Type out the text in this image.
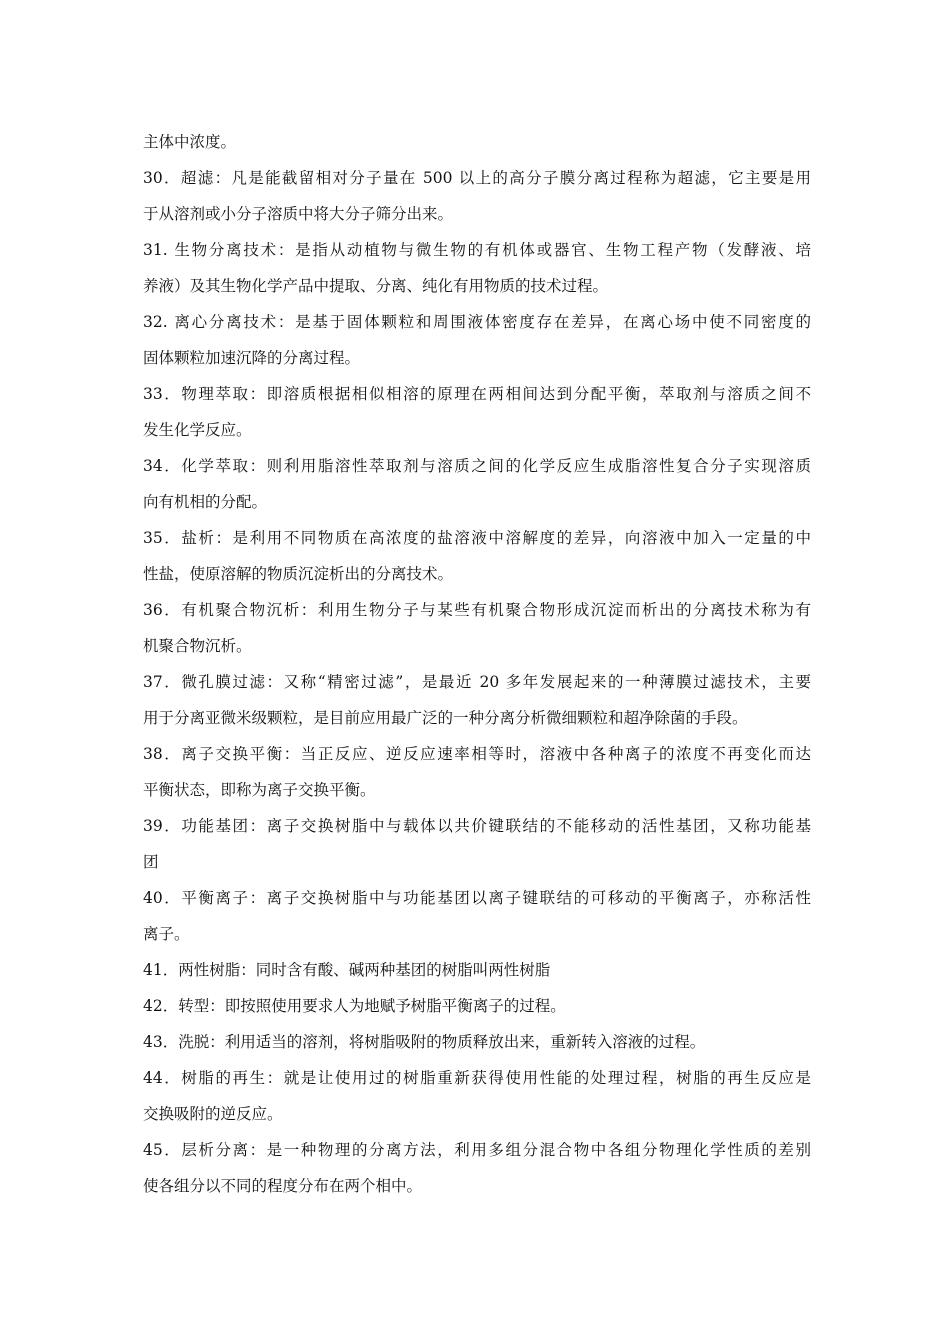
主体中浓度。
30．超滤：凡是能截留相对分子量在 500 以上的高分子膜分离过程称为超滤，它主要是用
于从溶剂或小分子溶质中将大分子筛分出来。
31. 生物分离技术：是指从动植物与微生物的有机体或器官、生物工程产物（发酵液、培
养液）及其生物化学产品中提取、分离、纯化有用物质的技术过程。
32. 离心分离技术：是基于固体颗粒和周围液体密度存在差异，在离心场中使不同密度的
固体颗粒加速沉降的分离过程。
33．物理萃取：即溶质根据相似相溶的原理在两相间达到分配平衡，萃取剂与溶质之间不
发生化学反应。
34．化学萃取：则利用脂溶性萃取剂与溶质之间的化学反应生成脂溶性复合分子实现溶质
向有机相的分配。
35．盐析：是利用不同物质在高浓度的盐溶液中溶解度的差异，向溶液中加入一定量的中
性盐，使原溶解的物质沉淀析出的分离技术。
36．有机聚合物沉析：利用生物分子与某些有机聚合物形成沉淀而析出的分离技术称为有
机聚合物沉析。
37．微孔膜过滤：又称“精密过滤”，是最近 20 多年发展起来的一种薄膜过滤技术，主要
用于分离亚微米级颗粒，是目前应用最广泛的一种分离分析微细颗粒和超净除菌的手段。
38．离子交换平衡：当正反应、逆反应速率相等时，溶液中各种离子的浓度不再变化而达
平衡状态，即称为离子交换平衡。
39．功能基团：离子交换树脂中与载体以共价键联结的不能移动的活性基团，又称功能基
团
40．平衡离子：离子交换树脂中与功能基团以离子键联结的可移动的平衡离子，亦称活性
离子。
41．两性树脂：同时含有酸、碱两种基团的树脂叫两性树脂
42．转型：即按照使用要求人为地赋予树脂平衡离子的过程。
43．洗脱：利用适当的溶剂，将树脂吸附的物质释放出来，重新转入溶液的过程。
44．树脂的再生：就是让使用过的树脂重新获得使用性能的处理过程，树脂的再生反应是
交换吸附的逆反应。
45．层析分离：是一种物理的分离方法，利用多组分混合物中各组分物理化学性质的差别
使各组分以不同的程度分布在两个相中。
